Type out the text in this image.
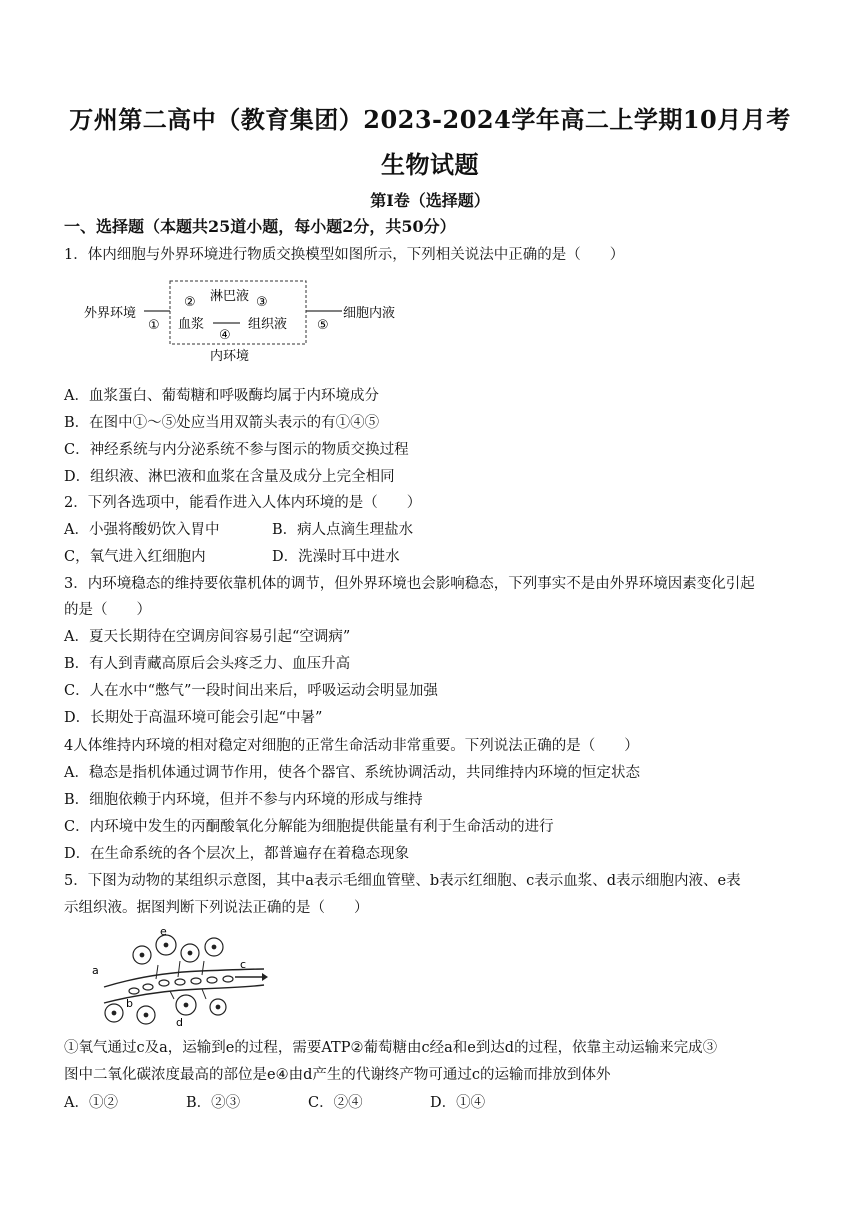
万州第二高中（教育集团）2023-2024学年高二上学期10月月考
生物试题
第Ⅰ卷（选择题）
一、选择题（本题共25道小题，每小题2分，共50分）
1．体内细胞与外界环境进行物质交换模型如图所示，下列相关说法中正确的是（　　）
外界环境
①
② 淋巴液 ③
血浆
④
组织液 ⑤
细胞内液
内环境
A．血浆蛋白、葡萄糖和呼吸酶均属于内环境成分
B．在图中①～⑤处应当用双箭头表示的有①④⑤
C．神经系统与内分泌系统不参与图示的物质交换过程
D．组织液、淋巴液和血浆在含量及成分上完全相同
2．下列各选项中，能看作进入人体内环境的是（　　）
A．小强将酸奶饮入胃中	B．病人点滴生理盐水
C，氧气进入红细胞内	D．洗澡时耳中进水
3．内环境稳态的维持要依靠机体的调节，但外界环境也会影响稳态，下列事实不是由外界环境因素变化引起
的是（　　）
A．夏天长期待在空调房间容易引起“空调病”
B．有人到青藏高原后会头疼乏力、血压升高
C．人在水中“憋气”一段时间出来后，呼吸运动会明显加强
D．长期处于高温环境可能会引起“中暑”
4人体维持内环境的相对稳定对细胞的正常生命活动非常重要。下列说法正确的是（　　）
A．稳态是指机体通过调节作用，使各个器官、系统协调活动，共同维持内环境的恒定状态
B．细胞依赖于内环境，但并不参与内环境的形成与维持
C．内环境中发生的丙酮酸氧化分解能为细胞提供能量有利于生命活动的进行
D．在生命系统的各个层次上，都普遍存在着稳态现象
5．下图为动物的某组织示意图，其中a表示毛细血管壁、b表示红细胞、c表示血浆、d表示细胞内液、e表
示组织液。据图判断下列说法正确的是（　　）
a
b
c
d
e
①氧气通过c及a，运输到e的过程，需要ATP②葡萄糖由c经a和e到达d的过程，依靠主动运输来完成③
图中二氧化碳浓度最高的部位是e④由d产生的代谢终产物可通过c的运输而排放到体外
A．①②	B．②③	C．②④	D．①④
